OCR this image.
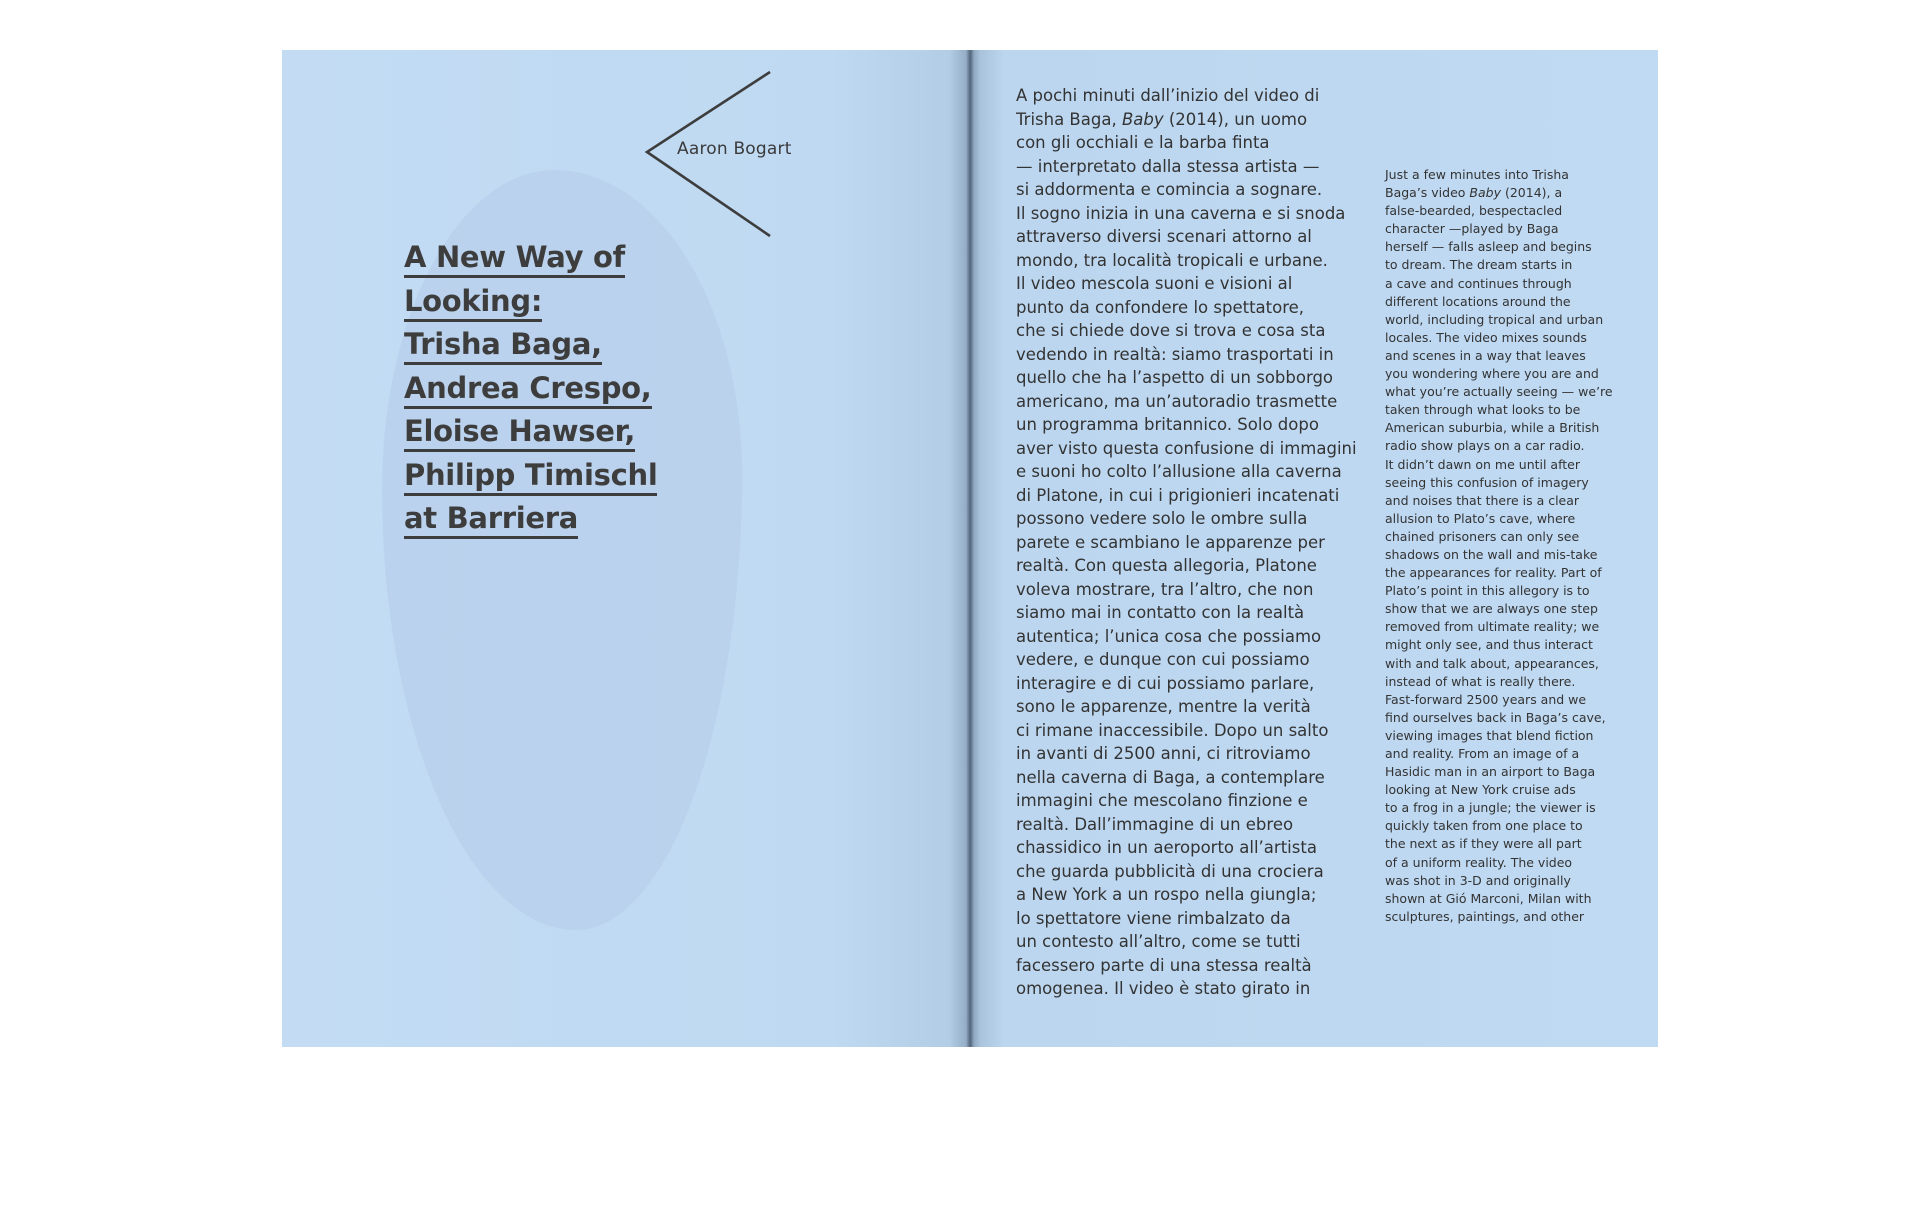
Aaron Bogart
A New Way of
Looking:
Trisha Baga,
Andrea Crespo,
Eloise Hawser,
Philipp Timischl
at Barriera
A pochi minuti dall’inizio del video di
Trisha Baga, Baby (2014), un uomo
con gli occhiali e la barba finta
— interpretato dalla stessa artista —
si addormenta e comincia a sognare.
Il sogno inizia in una caverna e si snoda
attraverso diversi scenari attorno al
mondo, tra località tropicali e urbane.
Il video mescola suoni e visioni al
punto da confondere lo spettatore,
che si chiede dove si trova e cosa sta
vedendo in realtà: siamo trasportati in
quello che ha l’aspetto di un sobborgo
americano, ma un’autoradio trasmette
un programma britannico. Solo dopo
aver visto questa confusione di immagini
e suoni ho colto l’allusione alla caverna
di Platone, in cui i prigionieri incatenati
possono vedere solo le ombre sulla
parete e scambiano le apparenze per
realtà. Con questa allegoria, Platone
voleva mostrare, tra l’altro, che non
siamo mai in contatto con la realtà
autentica; l’unica cosa che possiamo
vedere, e dunque con cui possiamo
interagire e di cui possiamo parlare,
sono le apparenze, mentre la verità
ci rimane inaccessibile. Dopo un salto
in avanti di 2500 anni, ci ritroviamo
nella caverna di Baga, a contemplare
immagini che mescolano finzione e
realtà. Dall’immagine di un ebreo
chassidico in un aeroporto all’artista
che guarda pubblicità di una crociera
a New York a un rospo nella giungla;
lo spettatore viene rimbalzato da
un contesto all’altro, come se tutti
facessero parte di una stessa realtà
omogenea. Il video è stato girato in
Just a few minutes into Trisha
Baga’s video Baby (2014), a
false-bearded, bespectacled
character —played by Baga
herself — falls asleep and begins
to dream. The dream starts in
a cave and continues through
different locations around the
world, including tropical and urban
locales. The video mixes sounds
and scenes in a way that leaves
you wondering where you are and
what you’re actually seeing — we’re
taken through what looks to be
American suburbia, while a British
radio show plays on a car radio.
It didn’t dawn on me until after
seeing this confusion of imagery
and noises that there is a clear
allusion to Plato’s cave, where
chained prisoners can only see
shadows on the wall and mis-take
the appearances for reality. Part of
Plato’s point in this allegory is to
show that we are always one step
removed from ultimate reality; we
might only see, and thus interact
with and talk about, appearances,
instead of what is really there.
Fast-forward 2500 years and we
find ourselves back in Baga’s cave,
viewing images that blend fiction
and reality. From an image of a
Hasidic man in an airport to Baga
looking at New York cruise ads
to a frog in a jungle; the viewer is
quickly taken from one place to
the next as if they were all part
of a uniform reality. The video
was shot in 3-D and originally
shown at Gió Marconi, Milan with
sculptures, paintings, and other
